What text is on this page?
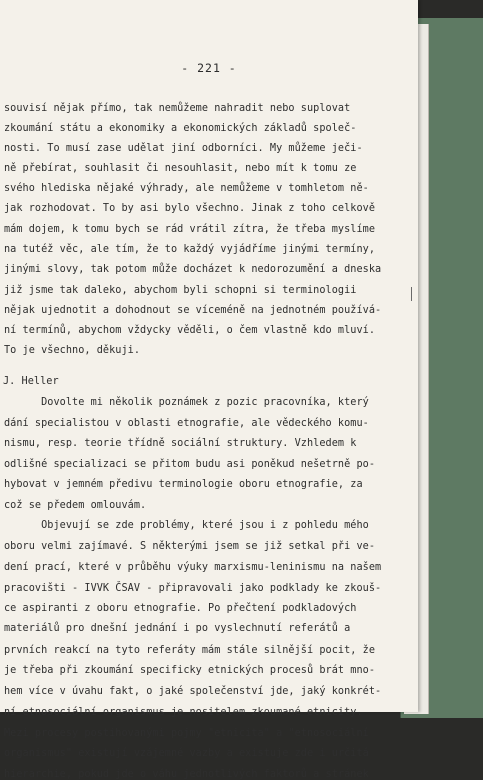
- 221 -
souvisí nějak přímo, tak nemůžeme nahradit nebo suplovat
zkoumání státu a ekonomiky a ekonomických základů společ-
nosti. To musí zase udělat jiní odborníci. My můžeme ječi-
ně přebírat, souhlasit či nesouhlasit, nebo mít k tomu ze
svého hlediska nějaké výhrady, ale nemůžeme v tomhletom ně-
jak rozhodovat. To by asi bylo všechno. Jinak z toho celkově
mám dojem, k tomu bych se rád vrátil zítra, že třeba myslíme
na tutéž věc, ale tím, že to každý vyjádříme jinými termíny,
jinými slovy, tak potom může docházet k nedorozumění a dneska
již jsme tak daleko, abychom byli schopni si terminologii
nějak ujednotit a dohodnout se víceméně na jednotném používá-
ní termínů, abychom vždycky věděli, o čem vlastně kdo mluví.
To je všechno, děkuji.
J. Heller
Dovolte mi několik poznámek z pozic pracovníka, který
dání specialistou v oblasti etnografie, ale vědeckého komu-
nismu, resp. teorie třídně sociální struktury. Vzhledem k
odlišné specializaci se přitom budu asi poněkud nešetrně po-
hybovat v jemném předivu terminologie oboru etnografie, za
což se předem omlouvám.
Objevují se zde problémy, které jsou i z pohledu mého
oboru velmi zajímavé. S některými jsem se již setkal při ve-
dení prací, které v průběhu výuky marxismu-leninismu na našem
pracovišti - IVVK ČSAV - připravovali jako podklady ke zkouš-
ce aspiranti z oboru etnografie. Po přečtení podkladových
materiálů pro dnešní jednání i po vyslechnutí referátů a
prvních reakcí na tyto referáty mám stále silnější pocit, že
je třeba při zkoumání specificky etnických procesů brát mno-
hem více v úvahu fakt, o jaké společenství jde, jaký konkrét-
ní etnosociální organismus je nositelem zkoumané etnicity.
Mezi procesy postihovanými pojmy "etnicita" a "etnosociální
organismus" existují vzájemné vazby a existuje zde i určitá
hierarchie, pokud jde o váhu jednotlivých faktorů a stránek
